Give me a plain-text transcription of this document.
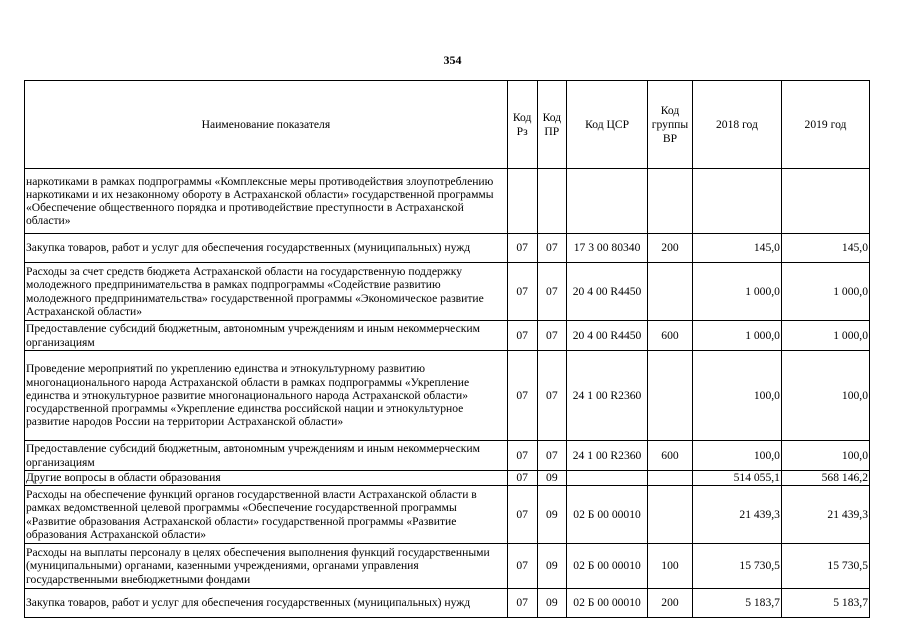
354
Наименование показателя	Код Рз	Код ПР	Код ЦСР	Код группы ВР	2018 год	2019 год
наркотиками в рамках подпрограммы «Комплексные меры противодействия злоупотреблению наркотиками и их незаконному обороту в Астраханской области» государственной программы «Обеспечение общественного порядка и противодействие преступности в Астраханской области»						
Закупка товаров, работ и услуг для обеспечения государственных (муниципальных) нужд	07	07	17 3 00 80340	200	145,0	145,0
Расходы за счет средств бюджета Астраханской области на государственную поддержку молодежного предпринимательства в рамках подпрограммы «Содействие развитию молодежного предпринимательства» государственной программы «Экономическое развитие Астраханской области»	07	07	20 4 00 R4450		1 000,0	1 000,0
Предоставление субсидий бюджетным, автономным учреждениям и иным некоммерческим организациям	07	07	20 4 00 R4450	600	1 000,0	1 000,0
Проведение мероприятий по укреплению единства и этнокультурному развитию многонационального народа Астраханской области в рамках подпрограммы «Укрепление единства и этнокультурное развитие многонационального народа Астраханской области» государственной программы «Укрепление единства российской нации и этнокультурное развитие народов России на территории Астраханской области»	07	07	24 1 00 R2360		100,0	100,0
Предоставление субсидий бюджетным, автономным учреждениям и иным некоммерческим организациям	07	07	24 1 00 R2360	600	100,0	100,0
Другие вопросы в области образования	07	09			514 055,1	568 146,2
Расходы на обеспечение функций органов государственной власти Астраханской области в рамках ведомственной целевой программы «Обеспечение государственной программы «Развитие образования Астраханской области» государственной программы «Развитие образования Астраханской области»	07	09	02 Б 00 00010		21 439,3	21 439,3
Расходы на выплаты персоналу в целях обеспечения выполнения функций государственными (муниципальными) органами, казенными учреждениями, органами управления государственными внебюджетными фондами	07	09	02 Б 00 00010	100	15 730,5	15 730,5
Закупка товаров, работ и услуг для обеспечения государственных (муниципальных) нужд	07	09	02 Б 00 00010	200	5 183,7	5 183,7
